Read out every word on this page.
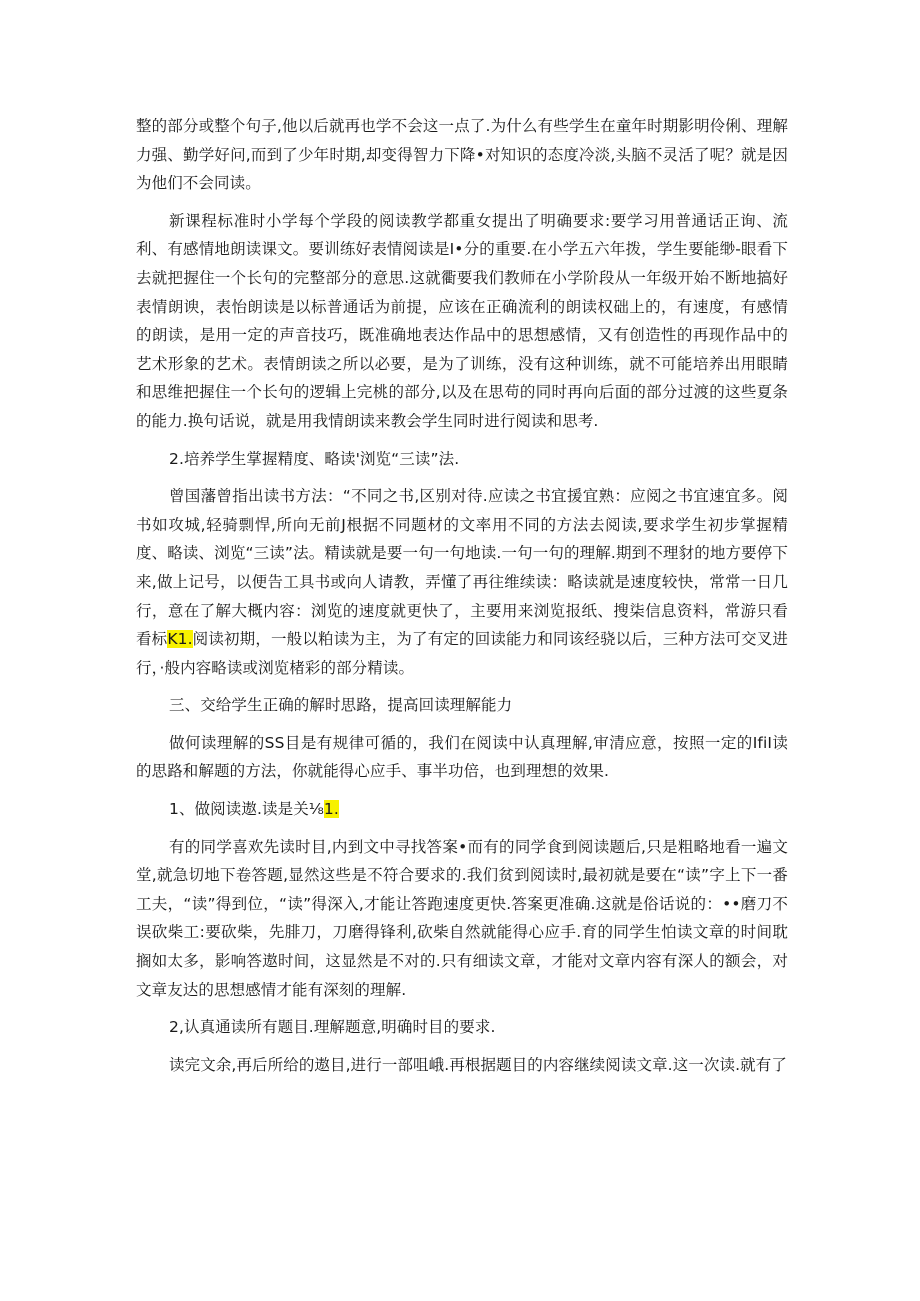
整的部分或整个句子,他以后就再也学不会这一点了.为什么有些学生在童年时期影明伶俐、理解力强、勤学好问,而到了少年时期,却变得智力下降•对知识的态度冷淡,头脑不灵活了呢？就是因为他们不会同读。

新课程标准时小学每个学段的阅读教学都重女提出了明确要求:要学习用普通话正询、流利、有感情地朗读课文。要训练好表情阅读是I•分的重要.在小学五六年拨，学生要能缈-眼看下去就把握住一个长句的完整部分的意思.这就衢要我们教师在小学阶段从一年级开始不断地搞好表情朗谀，表怡朗读是以标普通话为前提，应该在正确流利的朗读权础上的，有速度，有感情的朗读，是用一定的声音技巧，既准确地表达作品中的思想感情，又有创造性的再现作品中的艺术形象的艺术。表情朗读之所以必要，是为了训练，没有这种训练，就不可能培养出用眼睛和思维把握住一个长句的逻辑上完桃的部分,以及在思苟的同时再向后面的部分过渡的这些夏条的能力.换句话说，就是用我情朗读来教会学生同时进行阅读和思考.

2.培养学生掌握精度、略读'浏览“三读”法.

曾国藩曾指出读书方法：“不同之书,区别对待.应读之书宜援宜熟：应阅之书宜速宜多。阅书如攻城,轻骑剽悍,所向无前J根据不同题材的文率用不同的方法去阅读,要求学生初步掌握精度、略读、浏览“三读”法。精读就是要一句一句地读.一句一句的理解.期到不理豺的地方要停下来,做上记号，以便告工具书或向人请教，弄懂了再往维续读：略读就是速度较快，常常一日几行，意在了解大概内容：浏览的速度就更快了，主要用来浏览报纸、搜柒信息资料，常游只看看标K1.阅读初期，一般以粕读为主，为了有定的回读能力和同该经骁以后，三种方法可交叉进行，·般内容略读或浏览楮彩的部分精读。

三、交给学生正确的解时思路，提高回读理解能力

做何读理解的SS目是有规律可循的，我们在阅读中认真理解,审清应意，按照一定的IfiI读的思路和解题的方法，你就能得心应手、事半功倍，也到理想的效果.

1、做阅读遨.读是关⅛1.

有的同学喜欢先读时目,内到文中寻找答案•而有的同学食到阅读题后,只是粗略地看一遍文堂,就急切地下卷答题,显然这些是不符合要求的.我们贫到阅读时,最初就是要在“读”字上下一番工夫，“读”得到位，“读”得深入,才能让答跑速度更快.答案更准确.这就是俗话说的：••磨刀不误砍柴工:要砍柴，先腓刀，刀磨得锋利,砍柴自然就能得心应手.育的同学生怕读文章的时间耽搁如太多，影响答遨时间，这显然是不对的.只有细读文章，才能对文章内容有深人的额会，对文章友达的思想感情才能有深刻的理解.

2,认真通读所有题目.理解题意,明确时目的要求.

读完文余,再后所给的遨目,进行一部咀峨.再根据题目的内容继续阅读文章.这一次读.就有了
